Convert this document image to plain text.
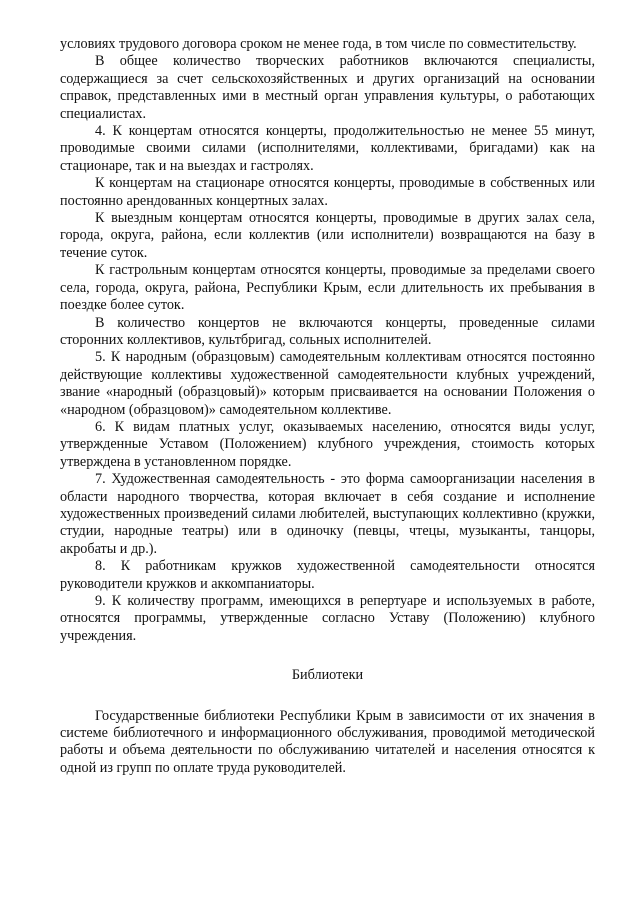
условиях трудового договора сроком не менее года, в том числе по совместительству.

В общее количество творческих работников включаются специалисты, содержащиеся за счет сельскохозяйственных и других организаций на основании справок, представленных ими в местный орган управления культуры, о работающих специалистах.

4. К концертам относятся концерты, продолжительностью не менее 55 минут, проводимые своими силами (исполнителями, коллективами, бригадами) как на стационаре, так и на выездах и гастролях.

К концертам на стационаре относятся концерты, проводимые в собственных или постоянно арендованных концертных залах.

К выездным концертам относятся концерты, проводимые в других залах села, города, округа, района, если коллектив (или исполнители) возвращаются на базу в течение суток.

К гастрольным концертам относятся концерты, проводимые за пределами своего села, города, округа, района, Республики Крым, если длительность их пребывания в поездке более суток.

В количество концертов не включаются концерты, проведенные силами сторонних коллективов, культбригад, сольных исполнителей.

5. К народным (образцовым) самодеятельным коллективам относятся постоянно действующие коллективы художественной самодеятельности клубных учреждений, звание «народный (образцовый)» которым присваивается на основании Положения о «народном (образцовом)» самодеятельном коллективе.

6. К видам платных услуг, оказываемых населению, относятся виды услуг, утвержденные Уставом (Положением) клубного учреждения, стоимость которых утверждена в установленном порядке.

7. Художественная самодеятельность - это форма самоорганизации населения в области народного творчества, которая включает в себя создание и исполнение художественных произведений силами любителей, выступающих коллективно (кружки, студии, народные театры) или в одиночку (певцы, чтецы, музыканты, танцоры, акробаты и др.).

8. К работникам кружков художественной самодеятельности относятся руководители кружков и аккомпаниаторы.

9. К количеству программ, имеющихся в репертуаре и используемых в работе, относятся программы, утвержденные согласно Уставу (Положению) клубного учреждения.

Библиотеки

Государственные библиотеки Республики Крым в зависимости от их значения в системе библиотечного и информационного обслуживания, проводимой методической работы и объема деятельности по обслуживанию читателей и населения относятся к одной из групп по оплате труда руководителей.
